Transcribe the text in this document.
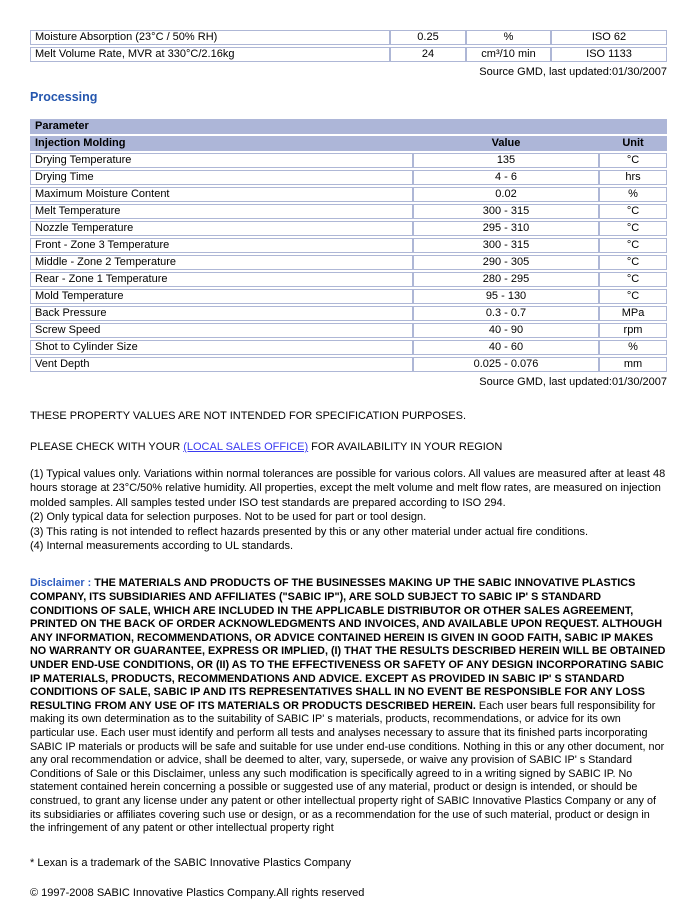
Moisture Absorption (23°C / 50% RH)	0.25	%	ISO 62
Melt Volume Rate, MVR at 330°C/2.16kg	24	cm³/10 min	ISO 1133
Source GMD, last updated:01/30/2007
Processing
Parameter		
Injection Molding	Value	Unit
Drying Temperature	135	°C
Drying Time	4 - 6	hrs
Maximum Moisture Content	0.02	%
Melt Temperature	300 - 315	°C
Nozzle Temperature	295 - 310	°C
Front - Zone 3 Temperature	300 - 315	°C
Middle - Zone 2 Temperature	290 - 305	°C
Rear - Zone 1 Temperature	280 - 295	°C
Mold Temperature	95 - 130	°C
Back Pressure	0.3 - 0.7	MPa
Screw Speed	40 - 90	rpm
Shot to Cylinder Size	40 - 60	%
Vent Depth	0.025 - 0.076	mm
Source GMD, last updated:01/30/2007

THESE PROPERTY VALUES ARE NOT INTENDED FOR SPECIFICATION PURPOSES.

PLEASE CHECK WITH YOUR (LOCAL SALES OFFICE) FOR AVAILABILITY IN YOUR REGION

(1) Typical values only. Variations within normal tolerances are possible for various colors. All values are measured after at least 48 hours storage at 23°C/50% relative humidity. All properties, except the melt volume and melt flow rates, are measured on injection molded samples. All samples tested under ISO test standards are prepared according to ISO 294.
(2) Only typical data for selection purposes. Not to be used for part or tool design.
(3) This rating is not intended to reflect hazards presented by this or any other material under actual fire conditions.
(4) Internal measurements according to UL standards.

Disclaimer : THE MATERIALS AND PRODUCTS OF THE BUSINESSES MAKING UP THE SABIC INNOVATIVE PLASTICS COMPANY, ITS SUBSIDIARIES AND AFFILIATES ("SABIC IP"), ARE SOLD SUBJECT TO SABIC IP' S STANDARD CONDITIONS OF SALE, WHICH ARE INCLUDED IN THE APPLICABLE DISTRIBUTOR OR OTHER SALES AGREEMENT, PRINTED ON THE BACK OF ORDER ACKNOWLEDGMENTS AND INVOICES, AND AVAILABLE UPON REQUEST. ALTHOUGH ANY INFORMATION, RECOMMENDATIONS, OR ADVICE CONTAINED HEREIN IS GIVEN IN GOOD FAITH, SABIC IP MAKES NO WARRANTY OR GUARANTEE, EXPRESS OR IMPLIED, (I) THAT THE RESULTS DESCRIBED HEREIN WILL BE OBTAINED UNDER END-USE CONDITIONS, OR (II) AS TO THE EFFECTIVENESS OR SAFETY OF ANY DESIGN INCORPORATING SABIC IP MATERIALS, PRODUCTS, RECOMMENDATIONS AND ADVICE. EXCEPT AS PROVIDED IN SABIC IP' S STANDARD CONDITIONS OF SALE, SABIC IP AND ITS REPRESENTATIVES SHALL IN NO EVENT BE RESPONSIBLE FOR ANY LOSS RESULTING FROM ANY USE OF ITS MATERIALS OR PRODUCTS DESCRIBED HEREIN. Each user bears full responsibility for making its own determination as to the suitability of SABIC IP' s materials, products, recommendations, or advice for its own particular use. Each user must identify and perform all tests and analyses necessary to assure that its finished parts incorporating SABIC IP materials or products will be safe and suitable for use under end-use conditions. Nothing in this or any other document, nor any oral recommendation or advice, shall be deemed to alter, vary, supersede, or waive any provision of SABIC IP' s Standard Conditions of Sale or this Disclaimer, unless any such modification is specifically agreed to in a writing signed by SABIC IP. No statement contained herein concerning a possible or suggested use of any material, product or design is intended, or should be construed, to grant any license under any patent or other intellectual property right of SABIC Innovative Plastics Company or any of its subsidiaries or affiliates covering such use or design, or as a recommendation for the use of such material, product or design in the infringement of any patent or other intellectual property right

* Lexan is a trademark of the SABIC Innovative Plastics Company
© 1997-2008 SABIC Innovative Plastics Company.All rights reserved
